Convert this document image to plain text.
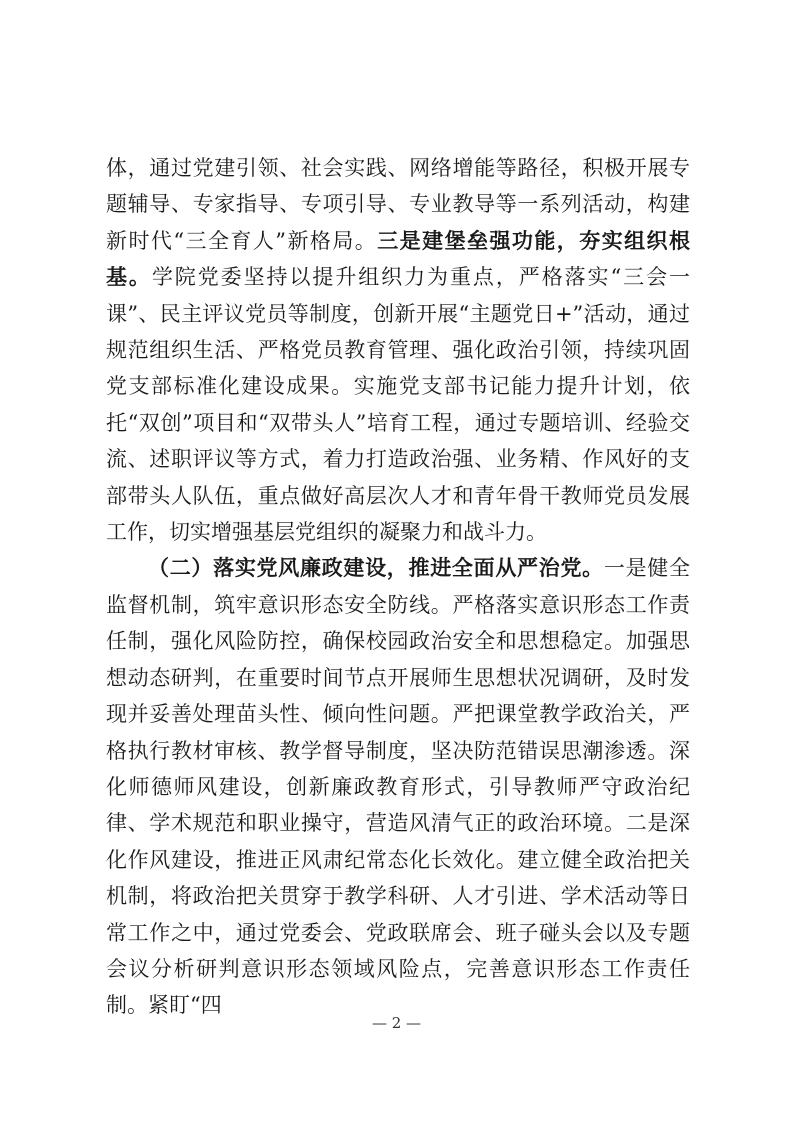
体，通过党建引领、社会实践、网络增能等路径，积极开展专题辅导、专家指导、专项引导、专业教导等一系列活动，构建新时代“三全育人”新格局。三是建堡垒强功能，夯实组织根基。学院党委坚持以提升组织力为重点，严格落实“三会一课”、民主评议党员等制度，创新开展“主题党日+”活动，通过规范组织生活、严格党员教育管理、强化政治引领，持续巩固党支部标准化建设成果。实施党支部书记能力提升计划，依托“双创”项目和“双带头人”培育工程，通过专题培训、经验交流、述职评议等方式，着力打造政治强、业务精、作风好的支部带头人队伍，重点做好高层次人才和青年骨干教师党员发展工作，切实增强基层党组织的凝聚力和战斗力。

（二）落实党风廉政建设，推进全面从严治党。一是健全监督机制，筑牢意识形态安全防线。严格落实意识形态工作责任制，强化风险防控，确保校园政治安全和思想稳定。加强思想动态研判，在重要时间节点开展师生思想状况调研，及时发现并妥善处理苗头性、倾向性问题。严把课堂教学政治关，严格执行教材审核、教学督导制度，坚决防范错误思潮渗透。深化师德师风建设，创新廉政教育形式，引导教师严守政治纪律、学术规范和职业操守，营造风清气正的政治环境。二是深化作风建设，推进正风肃纪常态化长效化。建立健全政治把关机制，将政治把关贯穿于教学科研、人才引进、学术活动等日常工作之中，通过党委会、党政联席会、班子碰头会以及专题会议分析研判意识形态领域风险点，完善意识形态工作责任制。紧盯“四

— 2 —
